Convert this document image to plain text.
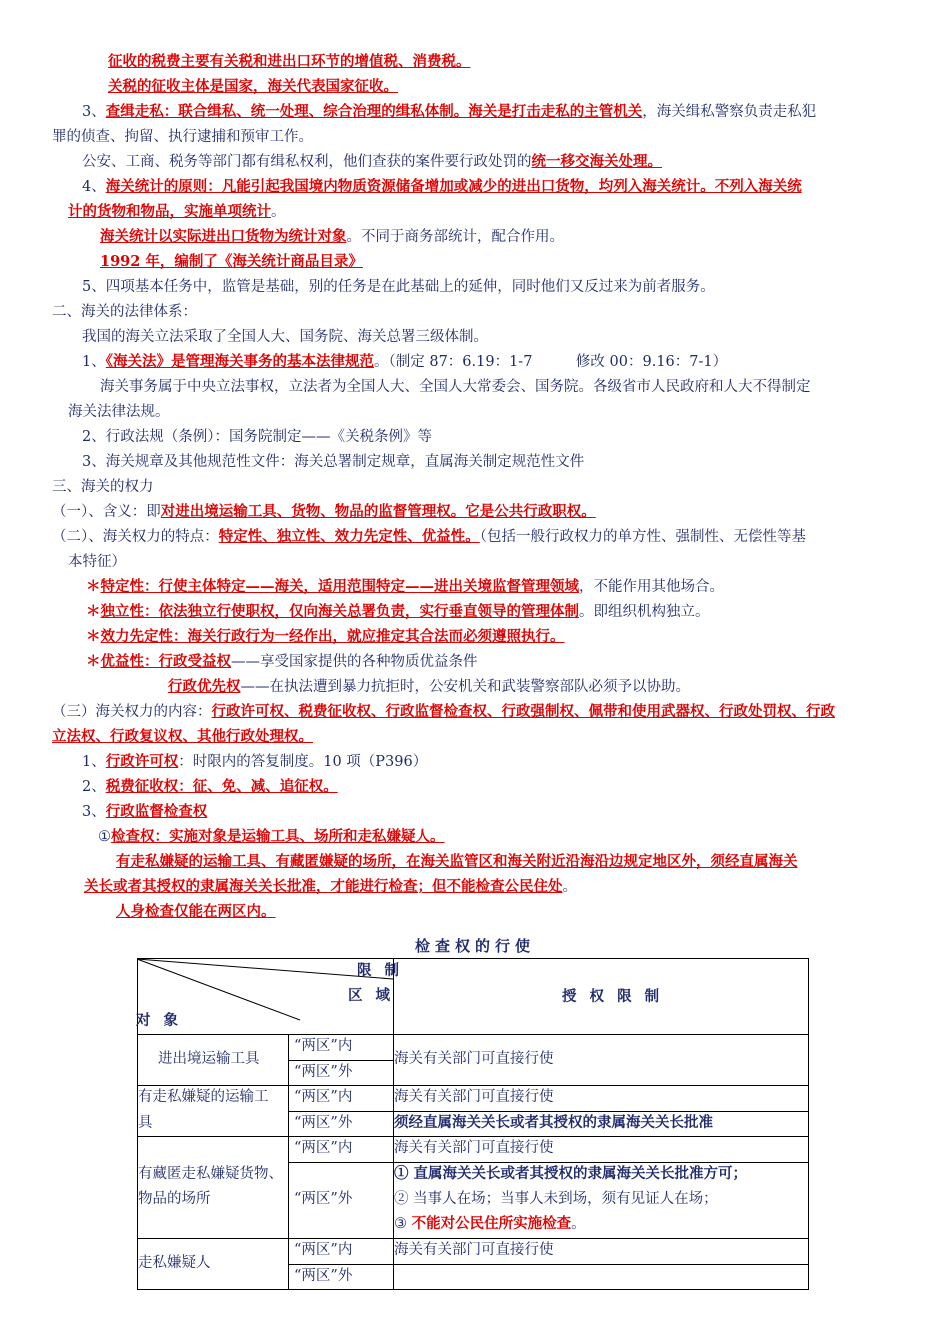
征收的税费主要有关税和进出口环节的增值税、消费税。
关税的征收主体是国家，海关代表国家征收。
3、查缉走私：联合缉私、统一处理、综合治理的缉私体制。海关是打击走私的主管机关，海关缉私警察负责走私犯
罪的侦查、拘留、执行逮捕和预审工作。
公安、工商、税务等部门都有缉私权利，他们查获的案件要行政处罚的统一移交海关处理。
4、海关统计的原则：凡能引起我国境内物质资源储备增加或减少的进出口货物，均列入海关统计。不列入海关统
计的货物和物品，实施单项统计。
海关统计以实际进出口货物为统计对象。不同于商务部统计，配合作用。
1992 年，编制了《海关统计商品目录》
5、四项基本任务中，监管是基础，别的任务是在此基础上的延伸，同时他们又反过来为前者服务。
二、海关的法律体系：
我国的海关立法采取了全国人大、国务院、海关总署三级体制。
1、《海关法》是管理海关事务的基本法律规范。（制定 87：6.19：1-7　　　修改 00：9.16：7-1）
海关事务属于中央立法事权，立法者为全国人大、全国人大常委会、国务院。各级省市人民政府和人大不得制定
海关法律法规。
2、行政法规（条例）：国务院制定——《关税条例》等
3、海关规章及其他规范性文件：海关总署制定规章，直属海关制定规范性文件
三、海关的权力
（一）、含义：即对进出境运输工具、货物、物品的监督管理权。它是公共行政职权。
（二）、海关权力的特点：特定性、独立性、效力先定性、优益性。（包括一般行政权力的单方性、强制性、无偿性等基
本特征）
＊特定性：行使主体特定——海关，适用范围特定——进出关境监督管理领域，不能作用其他场合。
＊独立性：依法独立行使职权，仅向海关总署负责，实行垂直领导的管理体制。即组织机构独立。
＊效力先定性：海关行政行为一经作出，就应推定其合法而必须遵照执行。
＊优益性：行政受益权——享受国家提供的各种物质优益条件
行政优先权——在执法遭到暴力抗拒时，公安机关和武装警察部队必须予以协助。
（三）海关权力的内容：行政许可权、税费征收权、行政监督检查权、行政强制权、佩带和使用武器权、行政处罚权、行政
立法权、行政复议权、其他行政处理权。
1、行政许可权：时限内的答复制度。10 项（P396）
2、税费征收权：征、免、减、追征权。
3、行政监督检查权
①检查权：实施对象是运输工具、场所和走私嫌疑人。
有走私嫌疑的运输工具、有藏匿嫌疑的场所，在海关监管区和海关附近沿海沿边规定地区外，须经直属海关
关长或者其授权的隶属海关关长批准，才能进行检查；但不能检查公民住处。
人身检查仅能在两区内。
检查权的行使
限 制
区 域
对 象
授 权 限 制
进出境运输工具
“两区”内
“两区”外
海关有关部门可直接行使
有走私嫌疑的运输工
具
“两区”内
“两区”外
海关有关部门可直接行使
须经直属海关关长或者其授权的隶属海关关长批准
有藏匿走私嫌疑货物、
物品的场所
“两区”内
“两区”外
海关有关部门可直接行使
① 直属海关关长或者其授权的隶属海关关长批准方可；
② 当事人在场；当事人未到场，须有见证人在场；
③ 不能对公民住所实施检查。
走私嫌疑人
“两区”内
“两区”外
海关有关部门可直接行使
